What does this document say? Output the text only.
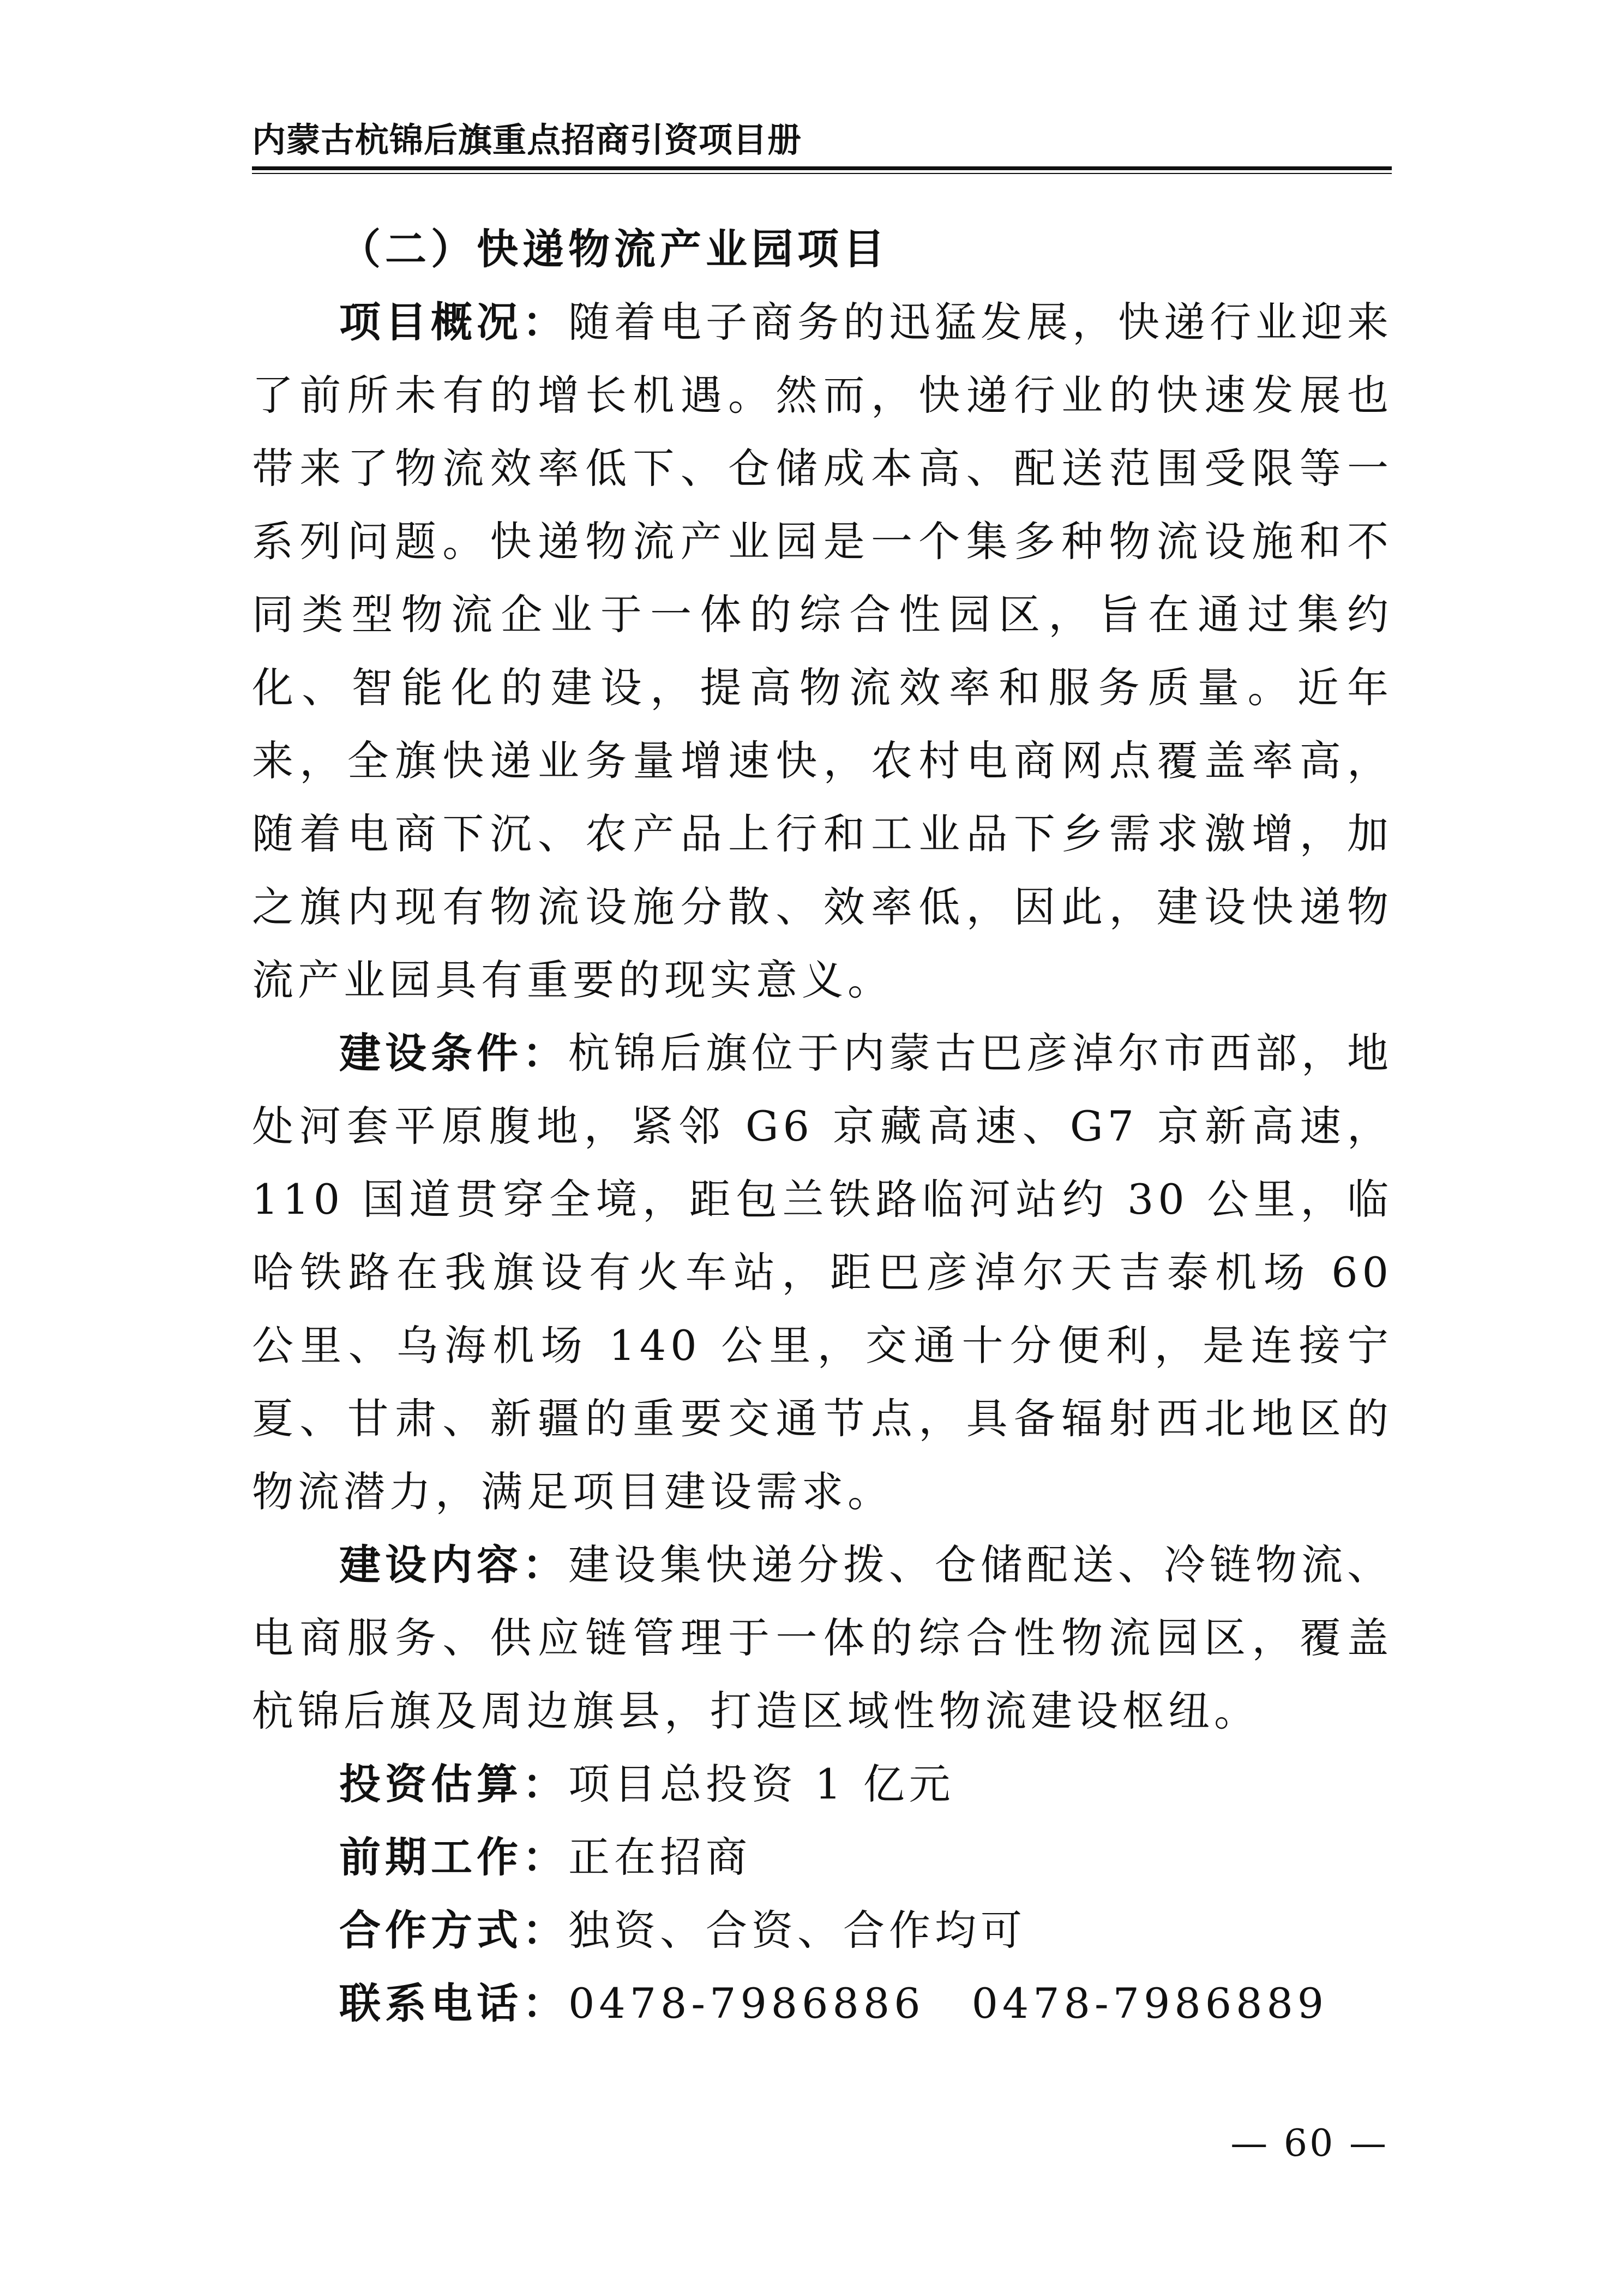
内蒙古杭锦后旗重点招商引资项目册

（二）快递物流产业园项目

项目概况：随着电子商务的迅猛发展，快递行业迎来了前所未有的增长机遇。然而，快递行业的快速发展也带来了物流效率低下、仓储成本高、配送范围受限等一系列问题。快递物流产业园是一个集多种物流设施和不同类型物流企业于一体的综合性园区，旨在通过集约化、智能化的建设，提高物流效率和服务质量。近年来，全旗快递业务量增速快，农村电商网点覆盖率高，随着电商下沉、农产品上行和工业品下乡需求激增，加之旗内现有物流设施分散、效率低，因此，建设快递物流产业园具有重要的现实意义。

建设条件：杭锦后旗位于内蒙古巴彦淖尔市西部，地处河套平原腹地，紧邻 G6 京藏高速、G7 京新高速，110 国道贯穿全境，距包兰铁路临河站约 30 公里，临哈铁路在我旗设有火车站，距巴彦淖尔天吉泰机场 60 公里、乌海机场 140 公里，交通十分便利，是连接宁夏、甘肃、新疆的重要交通节点，具备辐射西北地区的物流潜力，满足项目建设需求。

建设内容：建设集快递分拨、仓储配送、冷链物流、电商服务、供应链管理于一体的综合性物流园区，覆盖杭锦后旗及周边旗县，打造区域性物流建设枢纽。

投资估算：项目总投资 1 亿元

前期工作：正在招商

合作方式：独资、合资、合作均可

联系电话：0478-7986886 0478-7986889

— 60 —
